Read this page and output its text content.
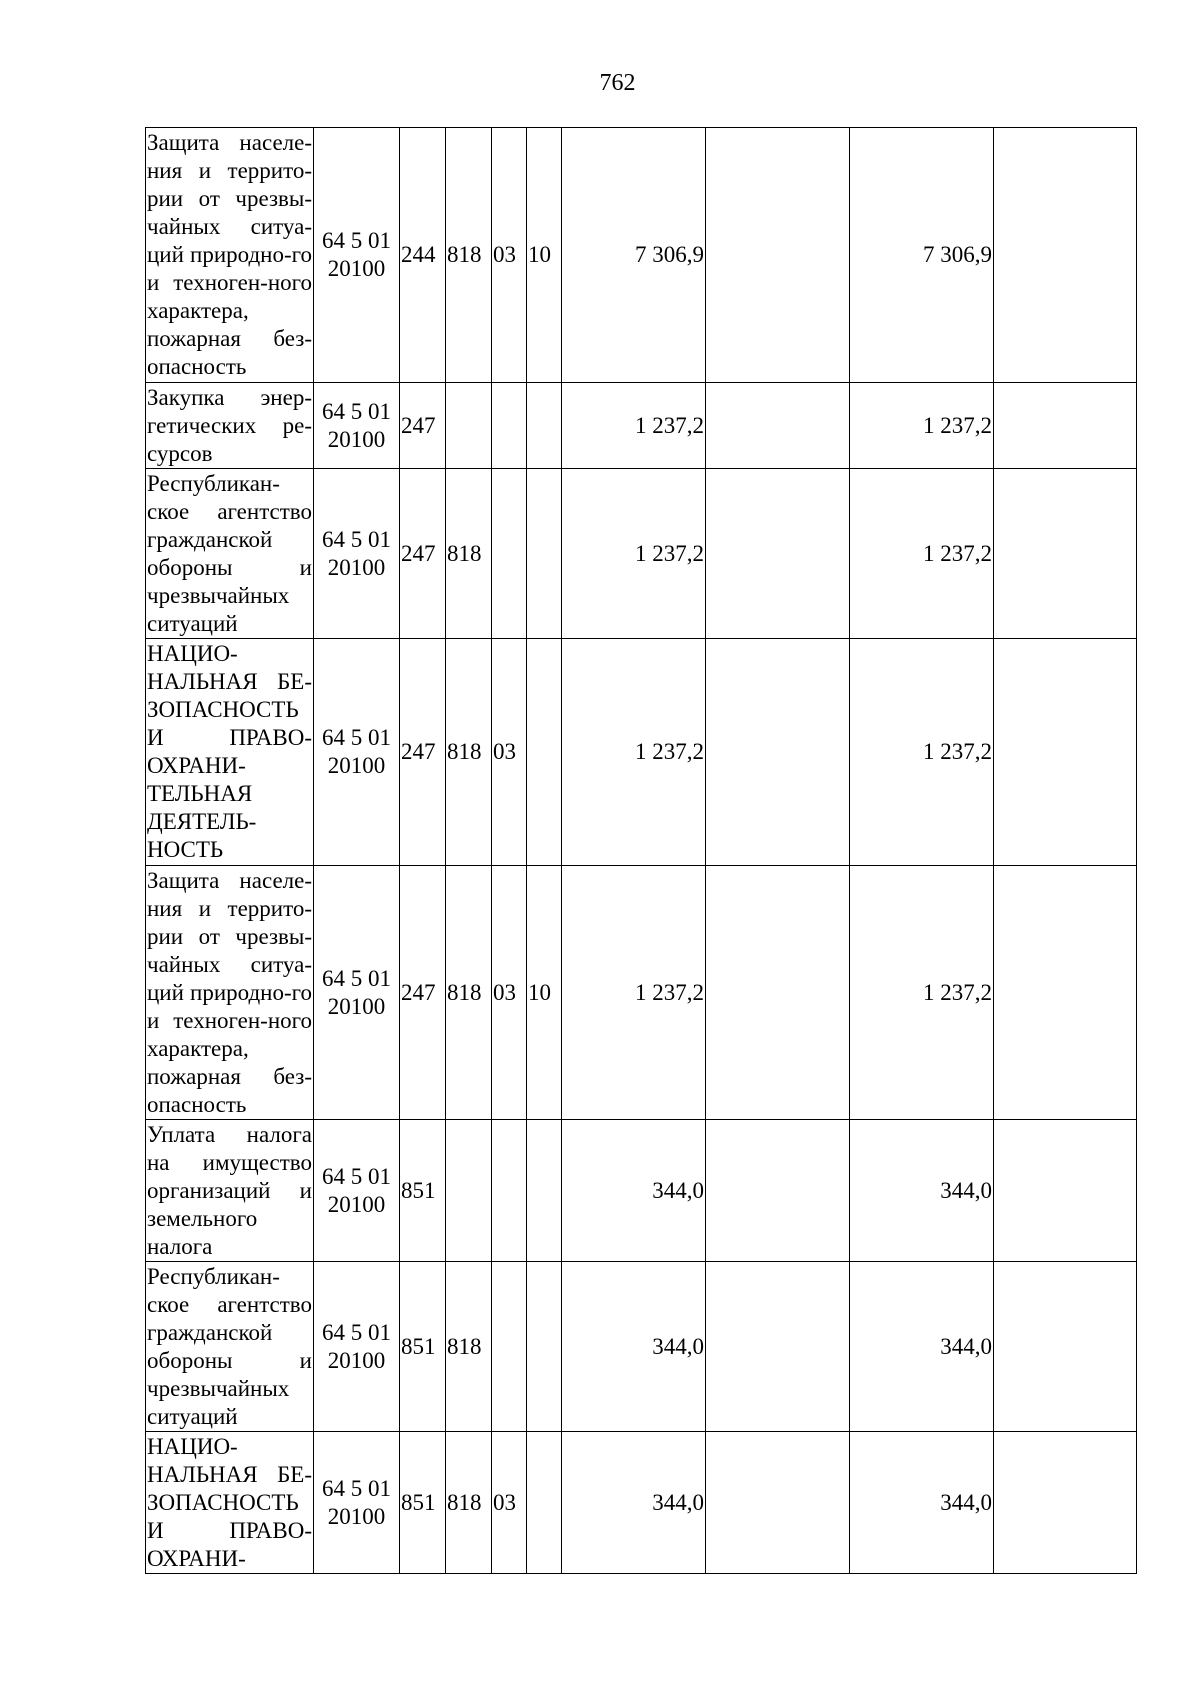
762
Защита населе-ния и террито-рии от чрезвы-чайных ситуа-ций природно-го и техноген-ного характера, пожарная без-опасность	64 5 01 20100	244	818	03	10	7 306,9		7 306,9	
Закупка энер-гетических ре-сурсов	64 5 01 20100	247				1 237,2		1 237,2	
Республикан-ское агентство гражданской обороны и чрезвычайных ситуаций	64 5 01 20100	247	818			1 237,2		1 237,2	
НАЦИО-НАЛЬНАЯ БЕ-ЗОПАСНОСТЬ И ПРАВО-ОХРАНИ-ТЕЛЬНАЯ ДЕЯТЕЛЬ-НОСТЬ	64 5 01 20100	247	818	03		1 237,2		1 237,2	
Защита населе-ния и террито-рии от чрезвы-чайных ситуа-ций природно-го и техноген-ного характера, пожарная без-опасность	64 5 01 20100	247	818	03	10	1 237,2		1 237,2	
Уплата налога на имущество организаций и земельного налога	64 5 01 20100	851				344,0		344,0	
Республикан-ское агентство гражданской обороны и чрезвычайных ситуаций	64 5 01 20100	851	818			344,0		344,0	
НАЦИО-НАЛЬНАЯ БЕ-ЗОПАСНОСТЬ И ПРАВО-ОХРАНИ-	64 5 01 20100	851	818	03		344,0		344,0	
